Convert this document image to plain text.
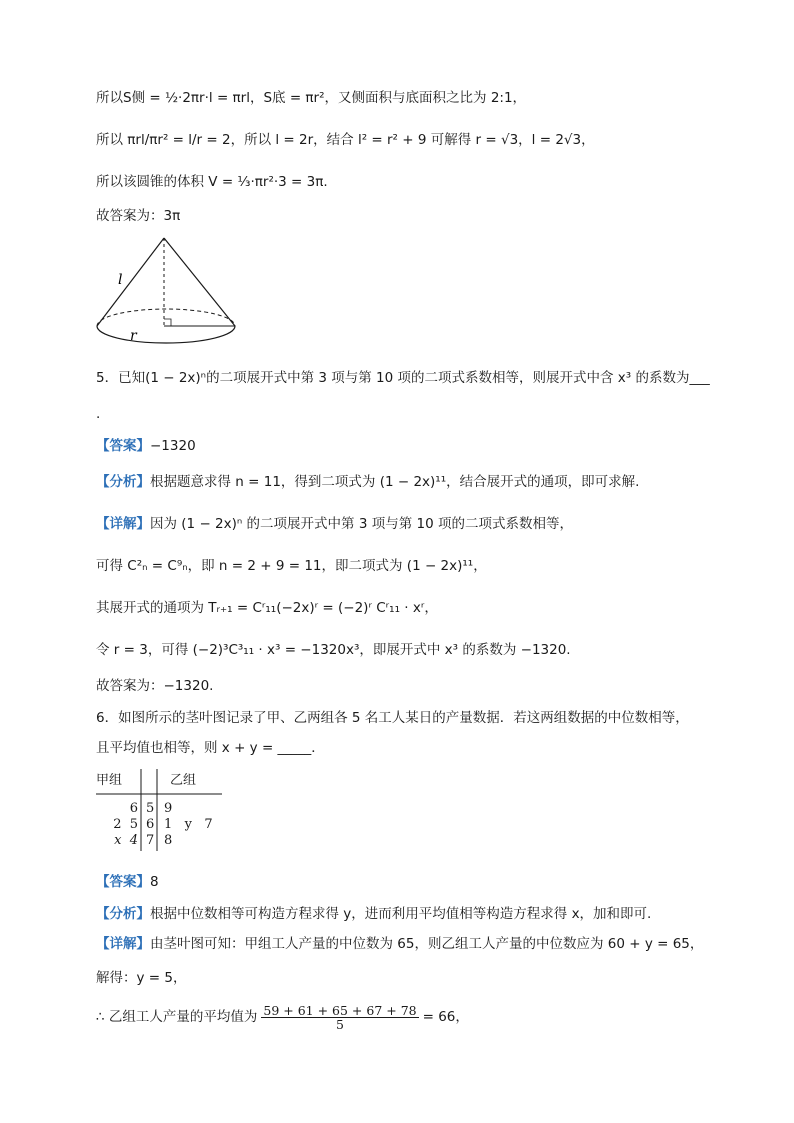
所以S侧 = ½·2πr·l = πrl，S底 = πr²，又侧面积与底面积之比为 2:1，
所以 πrl/πr² = l/r = 2，所以 l = 2r，结合 l² = r² + 9 可解得 r = √3，l = 2√3，
所以该圆锥的体积 V = ⅓·πr²·3 = 3π.
故答案为：3π
l
r
5．已知(1 − 2x)ⁿ的二项展开式中第 3 项与第 10 项的二项式系数相等，则展开式中含 x³ 的系数为___
.
【答案】−1320
【分析】根据题意求得 n = 11，得到二项式为 (1 − 2x)¹¹，结合展开式的通项，即可求解.
【详解】因为 (1 − 2x)ⁿ 的二项展开式中第 3 项与第 10 项的二项式系数相等，
可得 C²ₙ = C⁹ₙ，即 n = 2 + 9 = 11，即二项式为 (1 − 2x)¹¹，
其展开式的通项为 Tᵣ₊₁ = Cʳ₁₁(−2x)ʳ = (−2)ʳ Cʳ₁₁ · xʳ，
令 r = 3，可得 (−2)³C³₁₁ · x³ = −1320x³，即展开式中 x³ 的系数为 −1320.
故答案为：−1320.
6．如图所示的茎叶图记录了甲、乙两组各 5 名工人某日的产量数据．若这两组数据的中位数相等，
且平均值也相等，则 x + y = _____．
甲组	乙组
6 5 9
2  5 6 1   y   7
x  4 7 8
【答案】8
【分析】根据中位数相等可构造方程求得 y，进而利用平均值相等构造方程求得 x，加和即可.
【详解】由茎叶图可知：甲组工人产量的中位数为 65，则乙组工人产量的中位数应为 60 + y = 65，
解得：y = 5，
∴ 乙组工人产量的平均值为 $\frac{59 + 61 + 65 + 67 + 78}{5} = 66$，
